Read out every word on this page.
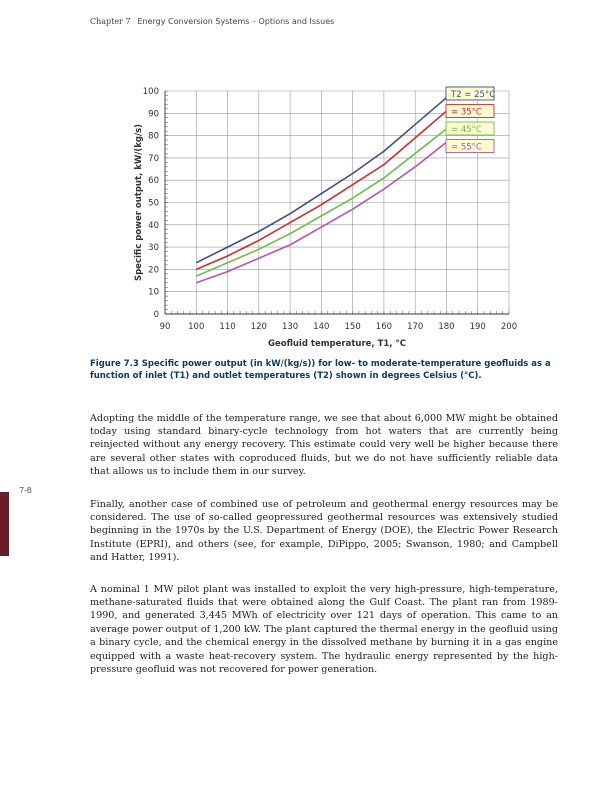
Chapter 7 Energy Conversion Systems – Options and Issues
7-8
0
10
20
30
40
50
60
70
80
90
100
90 100 110 120 130 140 150 160 170 180 190 200
Geofluid temperature, T1, °C
Specific power output, kW/(kg/s)
T2 = 25°C
= 35°C
= 45°C
= 55°C
Figure 7.3 Specific power output (in kW/(kg/s)) for low- to moderate-temperature geofluids as a function of inlet (T1) and outlet temperatures (T2) shown in degrees Celsius (°C).

Adopting the middle of the temperature range, we see that about 6,000 MW might be obtained today using standard binary-cycle technology from hot waters that are currently being reinjected without any energy recovery. This estimate could very well be higher because there are several other states with coproduced fluids, but we do not have sufficiently reliable data that allows us to include them in our survey.

Finally, another case of combined use of petroleum and geothermal energy resources may be considered. The use of so-called geopressured geothermal resources was extensively studied beginning in the 1970s by the U.S. Department of Energy (DOE), the Electric Power Research Institute (EPRI), and others (see, for example, DiPippo, 2005; Swanson, 1980; and Campbell and Hatter, 1991).

A nominal 1 MW pilot plant was installed to exploit the very high-pressure, high-temperature, methane-saturated fluids that were obtained along the Gulf Coast. The plant ran from 1989-1990, and generated 3,445 MWh of electricity over 121 days of operation. This came to an average power output of 1,200 kW. The plant captured the thermal energy in the geofluid using a binary cycle, and the chemical energy in the dissolved methane by burning it in a gas engine equipped with a waste heat-recovery system. The hydraulic energy represented by the high-pressure geofluid was not recovered for power generation.
